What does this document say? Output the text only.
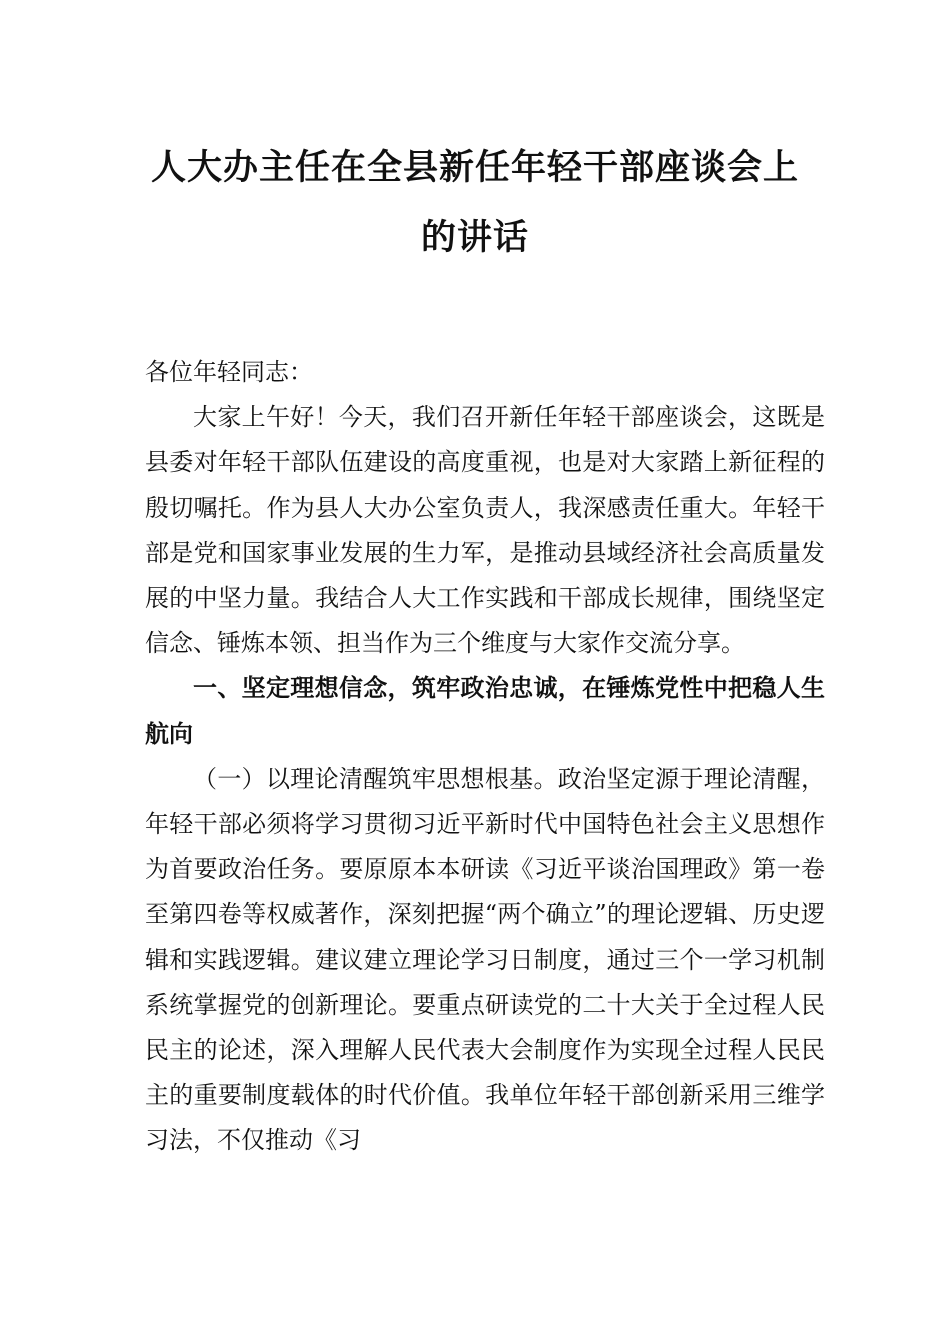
人大办主任在全县新任年轻干部座谈会上
的讲话

各位年轻同志：

大家上午好！今天，我们召开新任年轻干部座谈会，这既是县委对年轻干部队伍建设的高度重视，也是对大家踏上新征程的殷切嘱托。作为县人大办公室负责人，我深感责任重大。年轻干部是党和国家事业发展的生力军，是推动县域经济社会高质量发展的中坚力量。我结合人大工作实践和干部成长规律，围绕坚定信念、锤炼本领、担当作为三个维度与大家作交流分享。

一、坚定理想信念，筑牢政治忠诚，在锤炼党性中把稳人生航向

（一）以理论清醒筑牢思想根基。政治坚定源于理论清醒，年轻干部必须将学习贯彻习近平新时代中国特色社会主义思想作为首要政治任务。要原原本本研读《习近平谈治国理政》第一卷至第四卷等权威著作，深刻把握“两个确立”的理论逻辑、历史逻辑和实践逻辑。建议建立理论学习日制度，通过三个一学习机制系统掌握党的创新理论。要重点研读党的二十大关于全过程人民民主的论述，深入理解人民代表大会制度作为实现全过程人民民主的重要制度载体的时代价值。我单位年轻干部创新采用三维学习法，不仅推动《习
